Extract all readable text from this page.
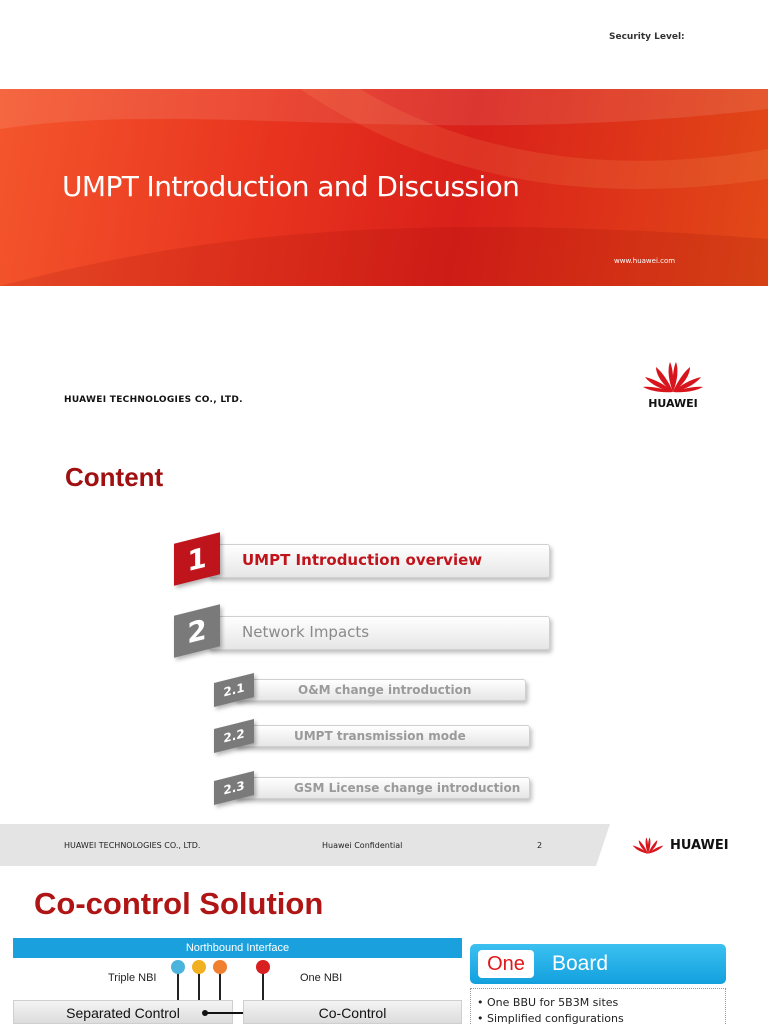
Security Level:
UMPT Introduction and Discussion
www.huawei.com
HUAWEI TECHNOLOGIES CO., LTD.	HUAWEI
Content
1	UMPT Introduction overview
2	Network Impacts
2.1	O&M change introduction
2.2	UMPT transmission mode
2.3	GSM License change introduction
HUAWEI TECHNOLOGIES CO., LTD.	Huawei Confidential	2	HUAWEI
Co-control Solution
Northbound Interface
Triple NBI	One NBI
Separated Control	Co-Control
One	Board
• One BBU for 5B3M sites
• Simplified configurations
